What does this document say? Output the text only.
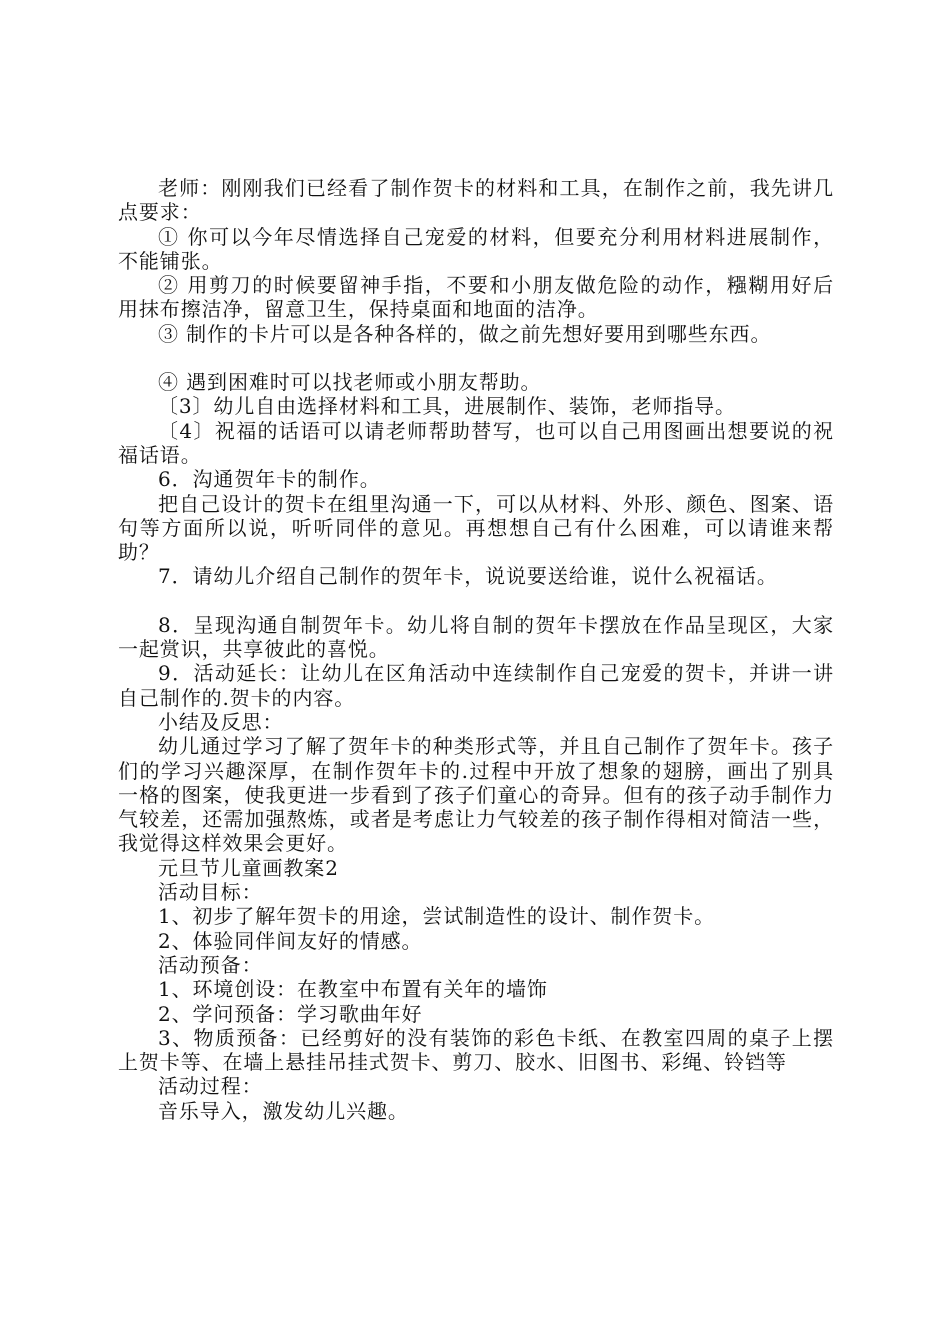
老师：刚刚我们已经看了制作贺卡的材料和工具，在制作之前，我先讲几点要求：

① 你可以今年尽情选择自己宠爱的材料，但要充分利用材料进展制作，不能铺张。

② 用剪刀的时候要留神手指，不要和小朋友做危险的动作，糨糊用好后用抹布擦洁净，留意卫生，保持桌面和地面的洁净。

③ 制作的卡片可以是各种各样的，做之前先想好要用到哪些东西。

④ 遇到困难时可以找老师或小朋友帮助。

〔3〕幼儿自由选择材料和工具，进展制作、装饰，老师指导。

〔4〕祝福的话语可以请老师帮助替写，也可以自己用图画出想要说的祝福话语。

6．沟通贺年卡的制作。

把自己设计的贺卡在组里沟通一下，可以从材料、外形、颜色、图案、语句等方面所以说，听听同伴的意见。再想想自己有什么困难，可以请谁来帮助？

7．请幼儿介绍自己制作的贺年卡，说说要送给谁，说什么祝福话。

8．呈现沟通自制贺年卡。幼儿将自制的贺年卡摆放在作品呈现区，大家一起赏识，共享彼此的喜悦。

9．活动延长：让幼儿在区角活动中连续制作自己宠爱的贺卡，并讲一讲自己制作的.贺卡的内容。

小结及反思：

幼儿通过学习了解了贺年卡的种类形式等，并且自己制作了贺年卡。孩子们的学习兴趣深厚，在制作贺年卡的.过程中开放了想象的翅膀，画出了别具一格的图案，使我更进一步看到了孩子们童心的奇异。但有的孩子动手制作力气较差，还需加强熬炼，或者是考虑让力气较差的孩子制作得相对简洁一些，我觉得这样效果会更好。

元旦节儿童画教案2

活动目标：

1、初步了解年贺卡的用途，尝试制造性的设计、制作贺卡。

2、体验同伴间友好的情感。

活动预备：

1、环境创设：在教室中布置有关年的墙饰

2、学问预备：学习歌曲年好

3、物质预备：已经剪好的没有装饰的彩色卡纸、在教室四周的桌子上摆上贺卡等、在墙上悬挂吊挂式贺卡、剪刀、胶水、旧图书、彩绳、铃铛等

活动过程：

音乐导入，激发幼儿兴趣。
